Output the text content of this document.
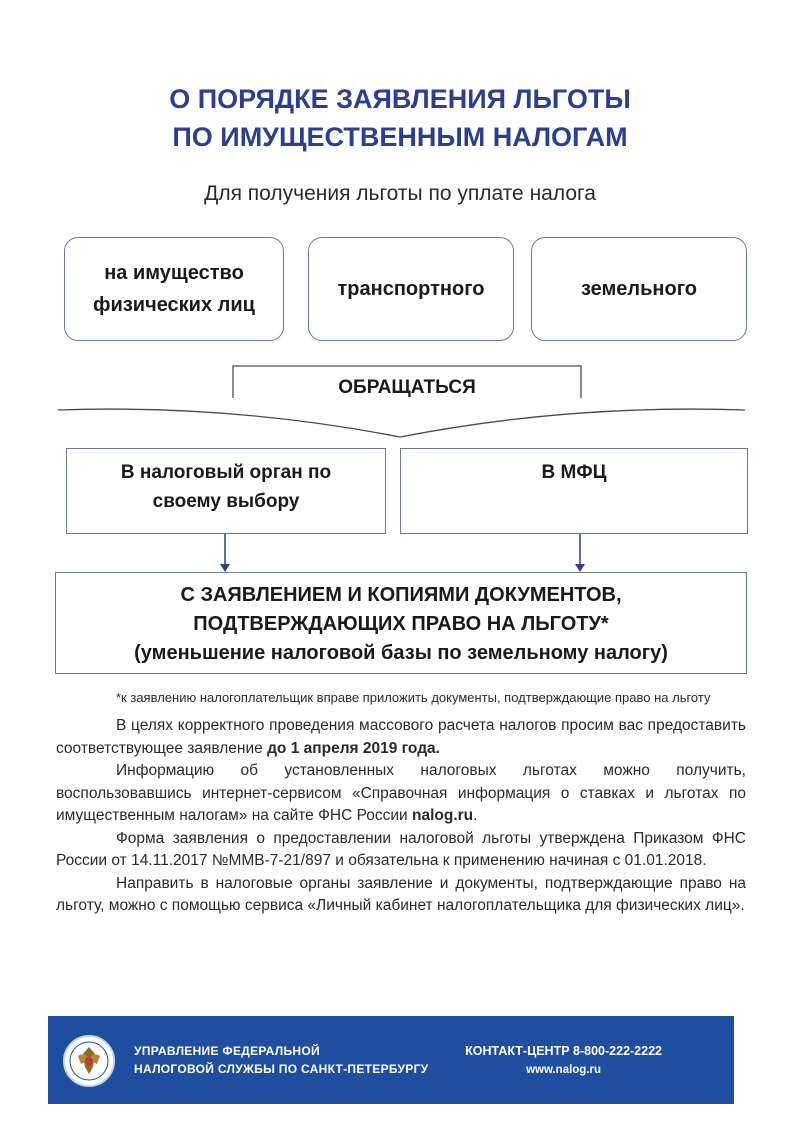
О ПОРЯДКЕ ЗАЯВЛЕНИЯ ЛЬГОТЫ
ПО ИМУЩЕСТВЕННЫМ НАЛОГАМ
Для получения льготы по уплате налога
на имущество
физических лиц
транспортного	земельного
ОБРАЩАТЬСЯ
В налоговый орган по
своему выбору
В МФЦ
С ЗАЯВЛЕНИЕМ И КОПИЯМИ ДОКУМЕНТОВ,
ПОДТВЕРЖДАЮЩИХ ПРАВО НА ЛЬГОТУ*
(уменьшение налоговой базы по земельному налогу)

*к заявлению налогоплательщик вправе приложить документы, подтверждающие право на льготу

В целях корректного проведения массового расчета налогов просим вас предоставить соответствующее заявление до 1 апреля 2019 года.

Информацию об установленных налоговых льготах можно получить, воспользовавшись интернет-сервисом «Справочная информация о ставках и льготах по имущественным налогам» на сайте ФНС России nalog.ru.

Форма заявления о предоставлении налоговой льготы утверждена Приказом ФНС России от 14.11.2017 №ММВ-7-21/897 и обязательна к применению начиная с 01.01.2018.

Направить в налоговые органы заявление и документы, подтверждающие право на льготу, можно с помощью сервиса «Личный кабинет налогоплательщика для физических лиц».

УПРАВЛЕНИЕ ФЕДЕРАЛЬНОЙ
НАЛОГОВОЙ СЛУЖБЫ ПО САНКТ-ПЕТЕРБУРГУ
КОНТАКТ-ЦЕНТР 8-800-222-2222
www.nalog.ru
